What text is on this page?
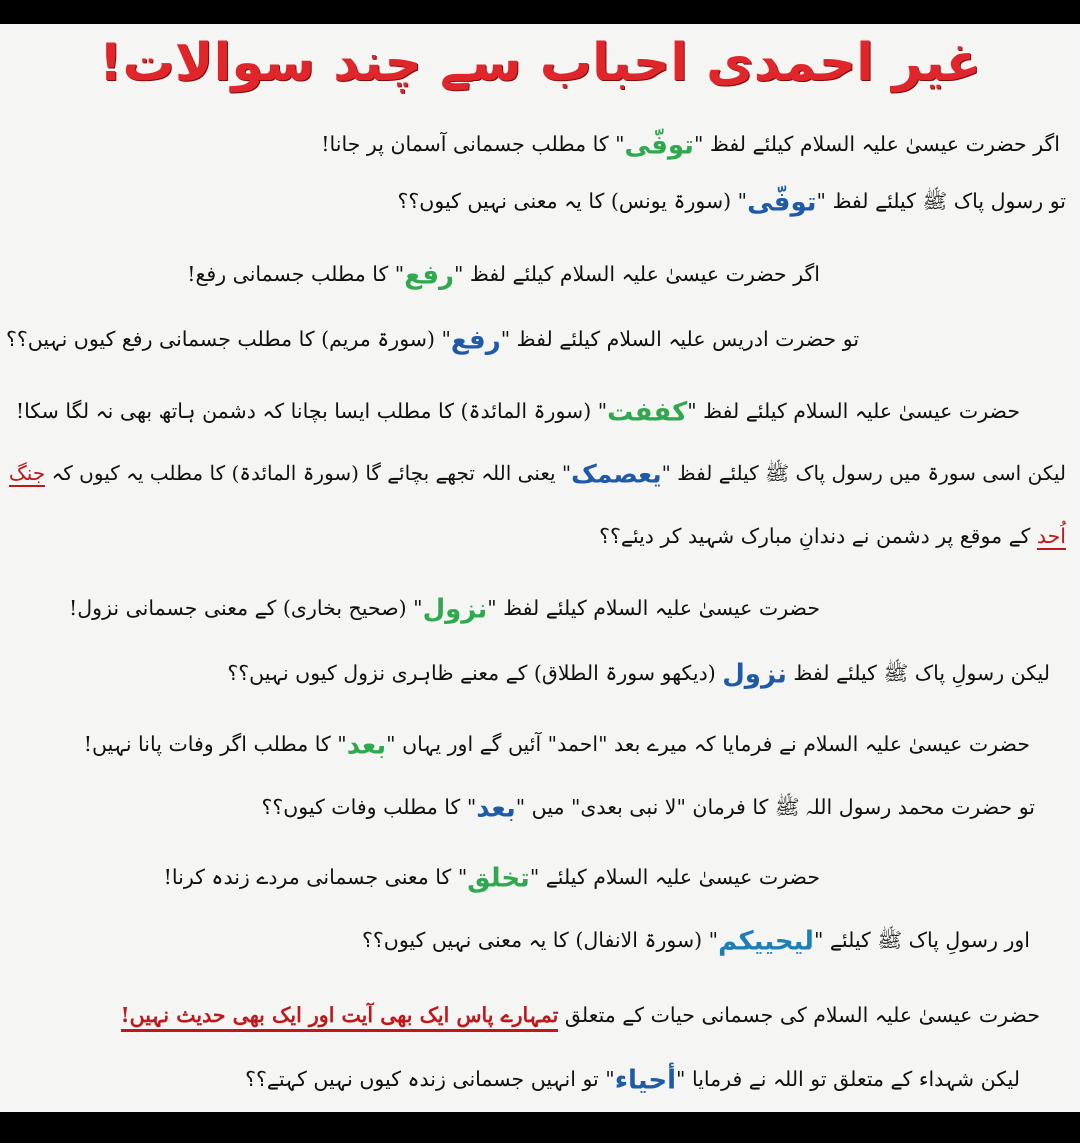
غیر احمدی احباب سے چند سوالات!
اگر حضرت عیسیٰ علیہ السلام کیلئے لفظ "توفّی" کا مطلب جسمانی آسمان پر جانا!
تو رسول پاک ﷺ کیلئے لفظ "توفّی" (سورۃ یونس) کا یہ معنی نہیں کیوں؟؟
اگر حضرت عیسیٰ علیہ السلام کیلئے لفظ "رفع" کا مطلب جسمانی رفع!
تو حضرت ادریس علیہ السلام کیلئے لفظ "رفع" (سورۃ مریم) کا مطلب جسمانی رفع کیوں نہیں؟؟
حضرت عیسیٰ علیہ السلام کیلئے لفظ "کففت" (سورۃ المائدۃ) کا مطلب ایسا بچانا کہ دشمن ہاتھ بھی نہ لگا سکا!
لیکن اسی سورۃ میں رسول پاک ﷺ کیلئے لفظ "یعصمک" یعنی اللہ تجھے بچائے گا (سورۃ المائدۃ) کا مطلب یہ کیوں کہ جنگ
اُحد کے موقع پر دشمن نے دندانِ مبارک شہید کر دیئے؟؟
حضرت عیسیٰ علیہ السلام کیلئے لفظ "نزول" (صحیح بخاری) کے معنی جسمانی نزول!
لیکن رسولِ پاک ﷺ کیلئے لفظ نزول (دیکھو سورۃ الطلاق) کے معنے ظاہری نزول کیوں نہیں؟؟
حضرت عیسیٰ علیہ السلام نے فرمایا کہ میرے بعد "احمد" آئیں گے اور یہاں "بعد" کا مطلب اگر وفات پانا نہیں!
تو حضرت محمد رسول اللہ ﷺ کا فرمان "لا نبی بعدی" میں "بعد" کا مطلب وفات کیوں؟؟
حضرت عیسیٰ علیہ السلام کیلئے "تخلق" کا معنی جسمانی مردے زندہ کرنا!
اور رسولِ پاک ﷺ کیلئے "لیحییکم" (سورۃ الانفال) کا یہ معنی نہیں کیوں؟؟
حضرت عیسیٰ علیہ السلام کی جسمانی حیات کے متعلق تمہارے پاس ایک بھی آیت اور ایک بھی حدیث نہیں!
لیکن شہداء کے متعلق تو اللہ نے فرمایا "أحیاء" تو انہیں جسمانی زندہ کیوں نہیں کہتے؟؟
